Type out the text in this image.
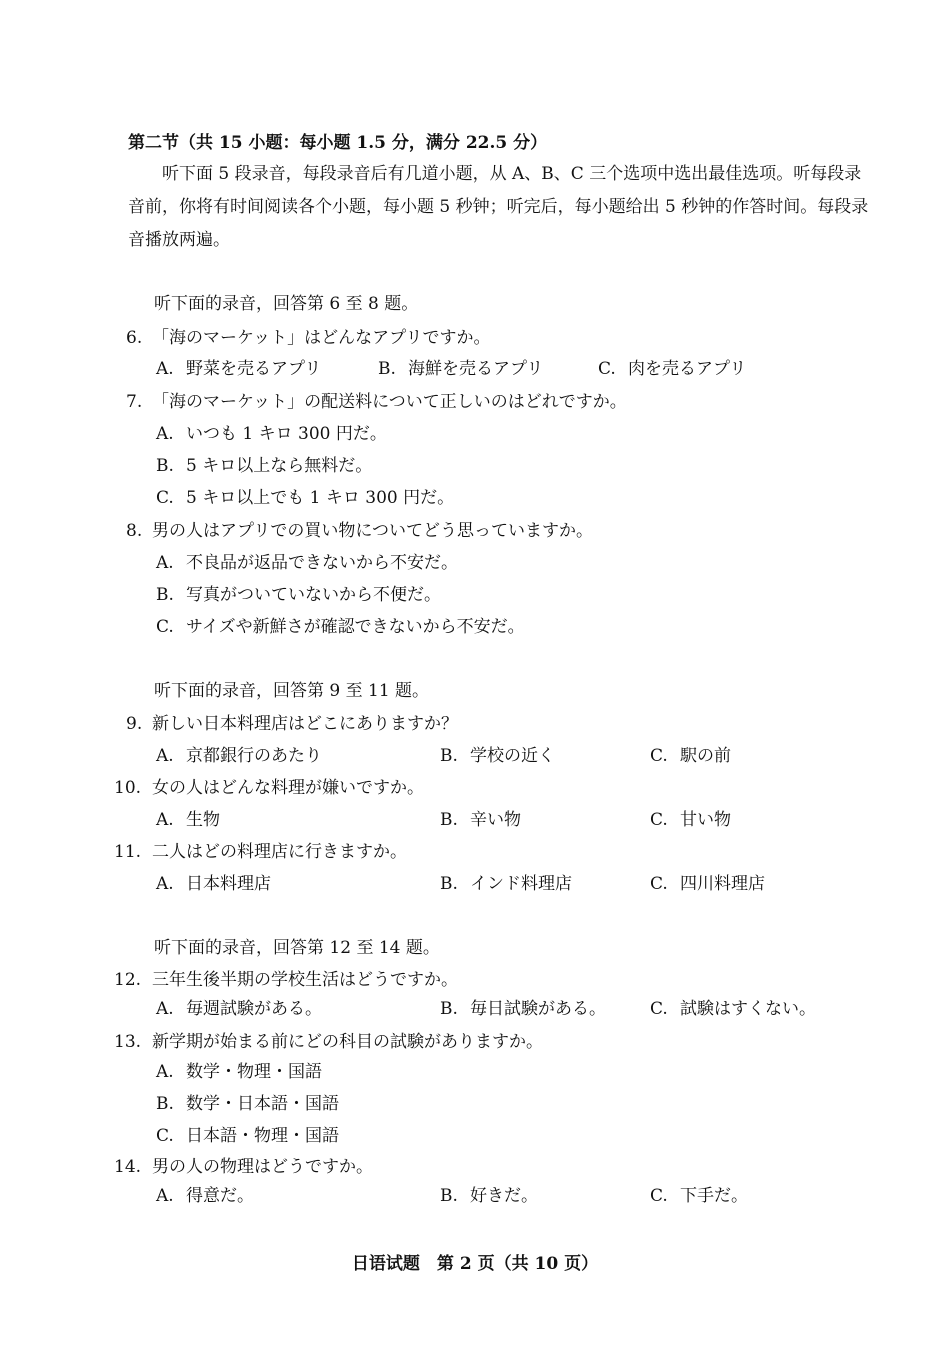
第二节（共 15 小题：每小题 1.5 分，满分 22.5 分）
听下面 5 段录音，每段录音后有几道小题，从 A、B、C 三个选项中选出最佳选项。听每段录音前，你将有时间阅读各个小题，每小题 5 秒钟；听完后，每小题给出 5 秒钟的作答时间。每段录音播放两遍。
听下面的录音，回答第 6 至 8 题。
6. 「海のマーケット」はどんなアプリですか。
A. 野菜を売るアプリ	B. 海鮮を売るアプリ	C. 肉を売るアプリ
7. 「海のマーケット」の配送料について正しいのはどれですか。
A. いつも 1 キロ 300 円だ。
B. 5 キロ以上なら無料だ。
C. 5 キロ以上でも 1 キロ 300 円だ。
8. 男の人はアプリでの買い物についてどう思っていますか。
A. 不良品が返品できないから不安だ。
B. 写真がついていないから不便だ。
C. サイズや新鮮さが確認できないから不安だ。
听下面的录音，回答第 9 至 11 题。
9. 新しい日本料理店はどこにありますか？
A. 京都銀行のあたり	B. 学校の近く	C. 駅の前
10. 女の人はどんな料理が嫌いですか。
A. 生物	B. 辛い物	C. 甘い物
11. 二人はどの料理店に行きますか。
A. 日本料理店	B. インド料理店	C. 四川料理店
听下面的录音，回答第 12 至 14 题。
12. 三年生後半期の学校生活はどうですか。
A. 毎週試験がある。	B. 毎日試験がある。	C. 試験はすくない。
13. 新学期が始まる前にどの科目の試験がありますか。
A. 数学・物理・国語
B. 数学・日本語・国語
C. 日本語・物理・国語
14. 男の人の物理はどうですか。
A. 得意だ。	B. 好きだ。	C. 下手だ。
日语试题　第 2 页（共 10 页）
